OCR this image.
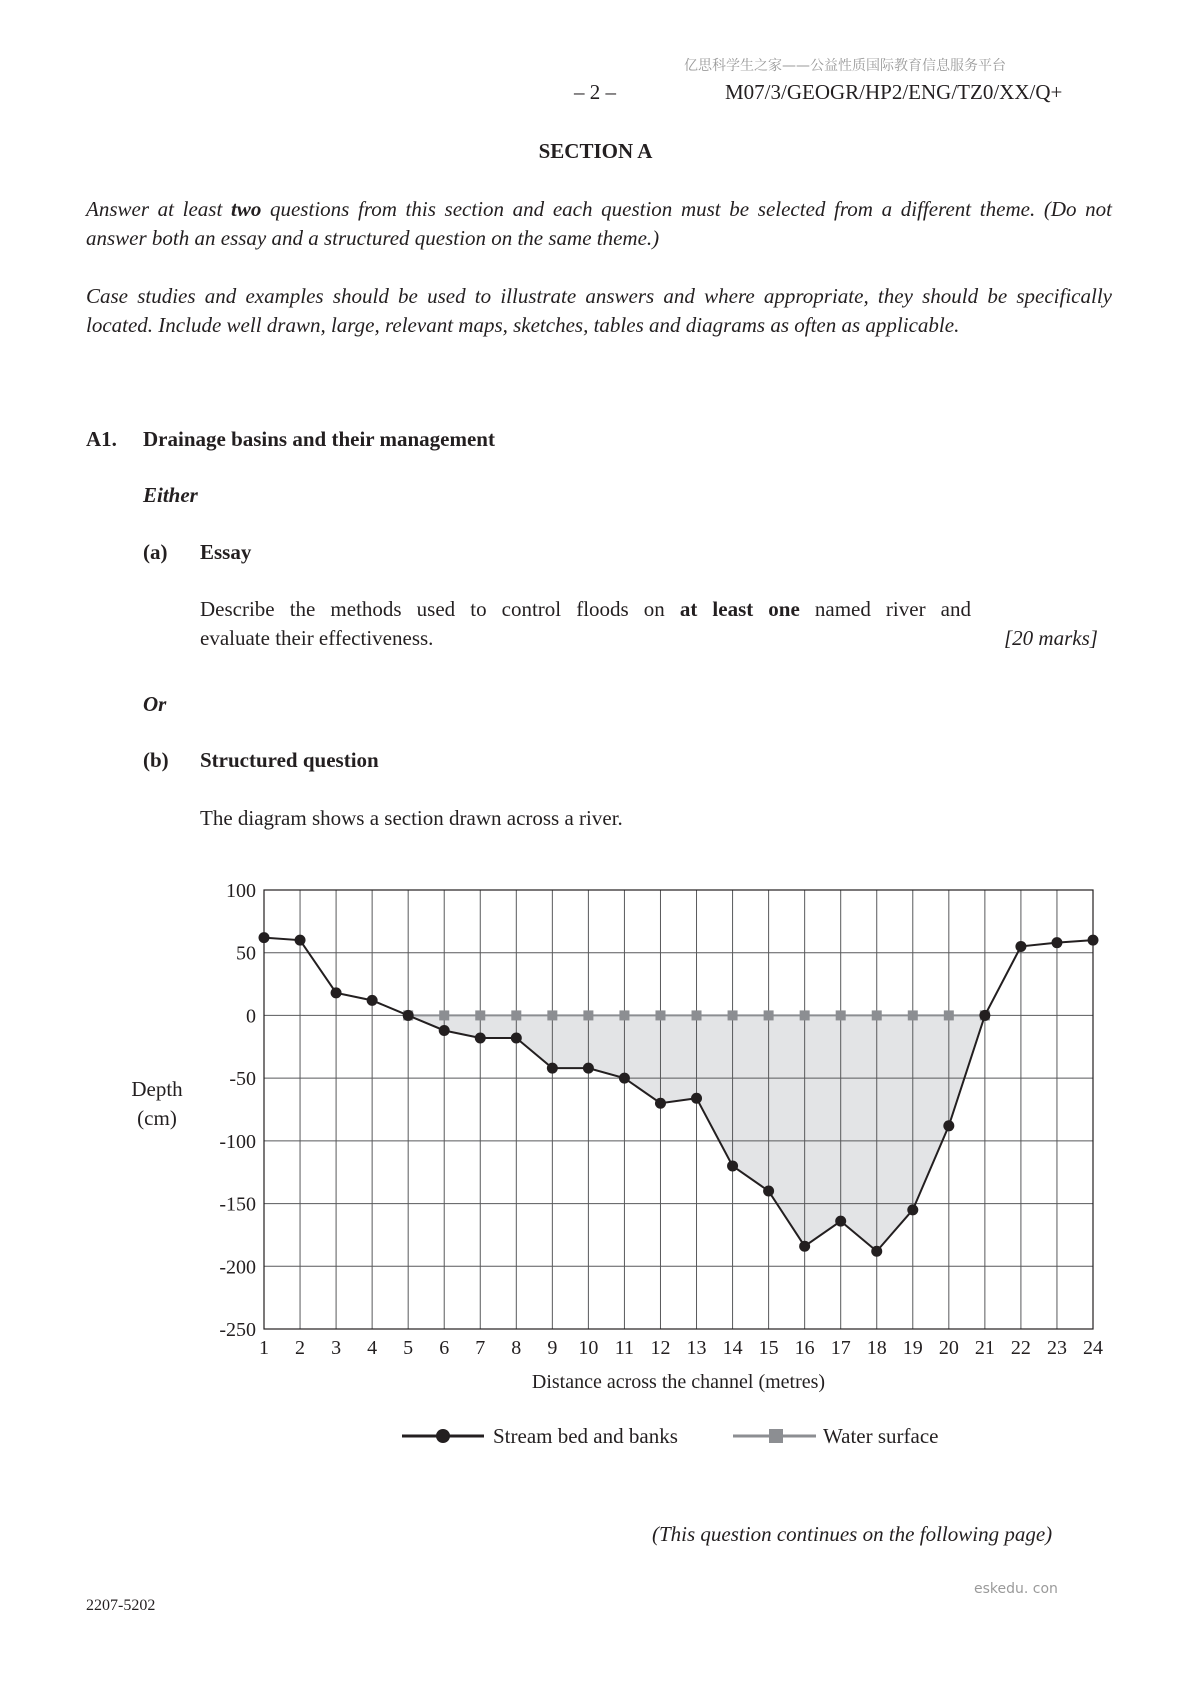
亿思科学生之家——公益性质国际教育信息服务平台
– 2 –	M07/3/GEOGR/HP2/ENG/TZ0/XX/Q+
SECTION A
Answer at least two questions from this section and each question must be selected from a different theme. (Do not answer both an essay and a structured question on the same theme.)
Case studies and examples should be used to illustrate answers and where appropriate, they should be specifically located. Include well drawn, large, relevant maps, sketches, tables and diagrams as often as applicable.
A1. Drainage basins and their management
Either
(a) Essay
Describe the methods used to control floods on at least one named river and
evaluate their effectiveness.	[20 marks]
Or
(b) Structured question
The diagram shows a section drawn across a river.
100
50
0
-50
-100
-150
-200
-250
1 2 3 4 5 6 7 8 9 10 11 12 13 14 15 16 17 18 19 20 21 22 23 24
Distance across the channel (metres)
Depth
(cm)
Stream bed and banks	Water surface
(This question continues on the following page)
eskedu. con
2207-5202
